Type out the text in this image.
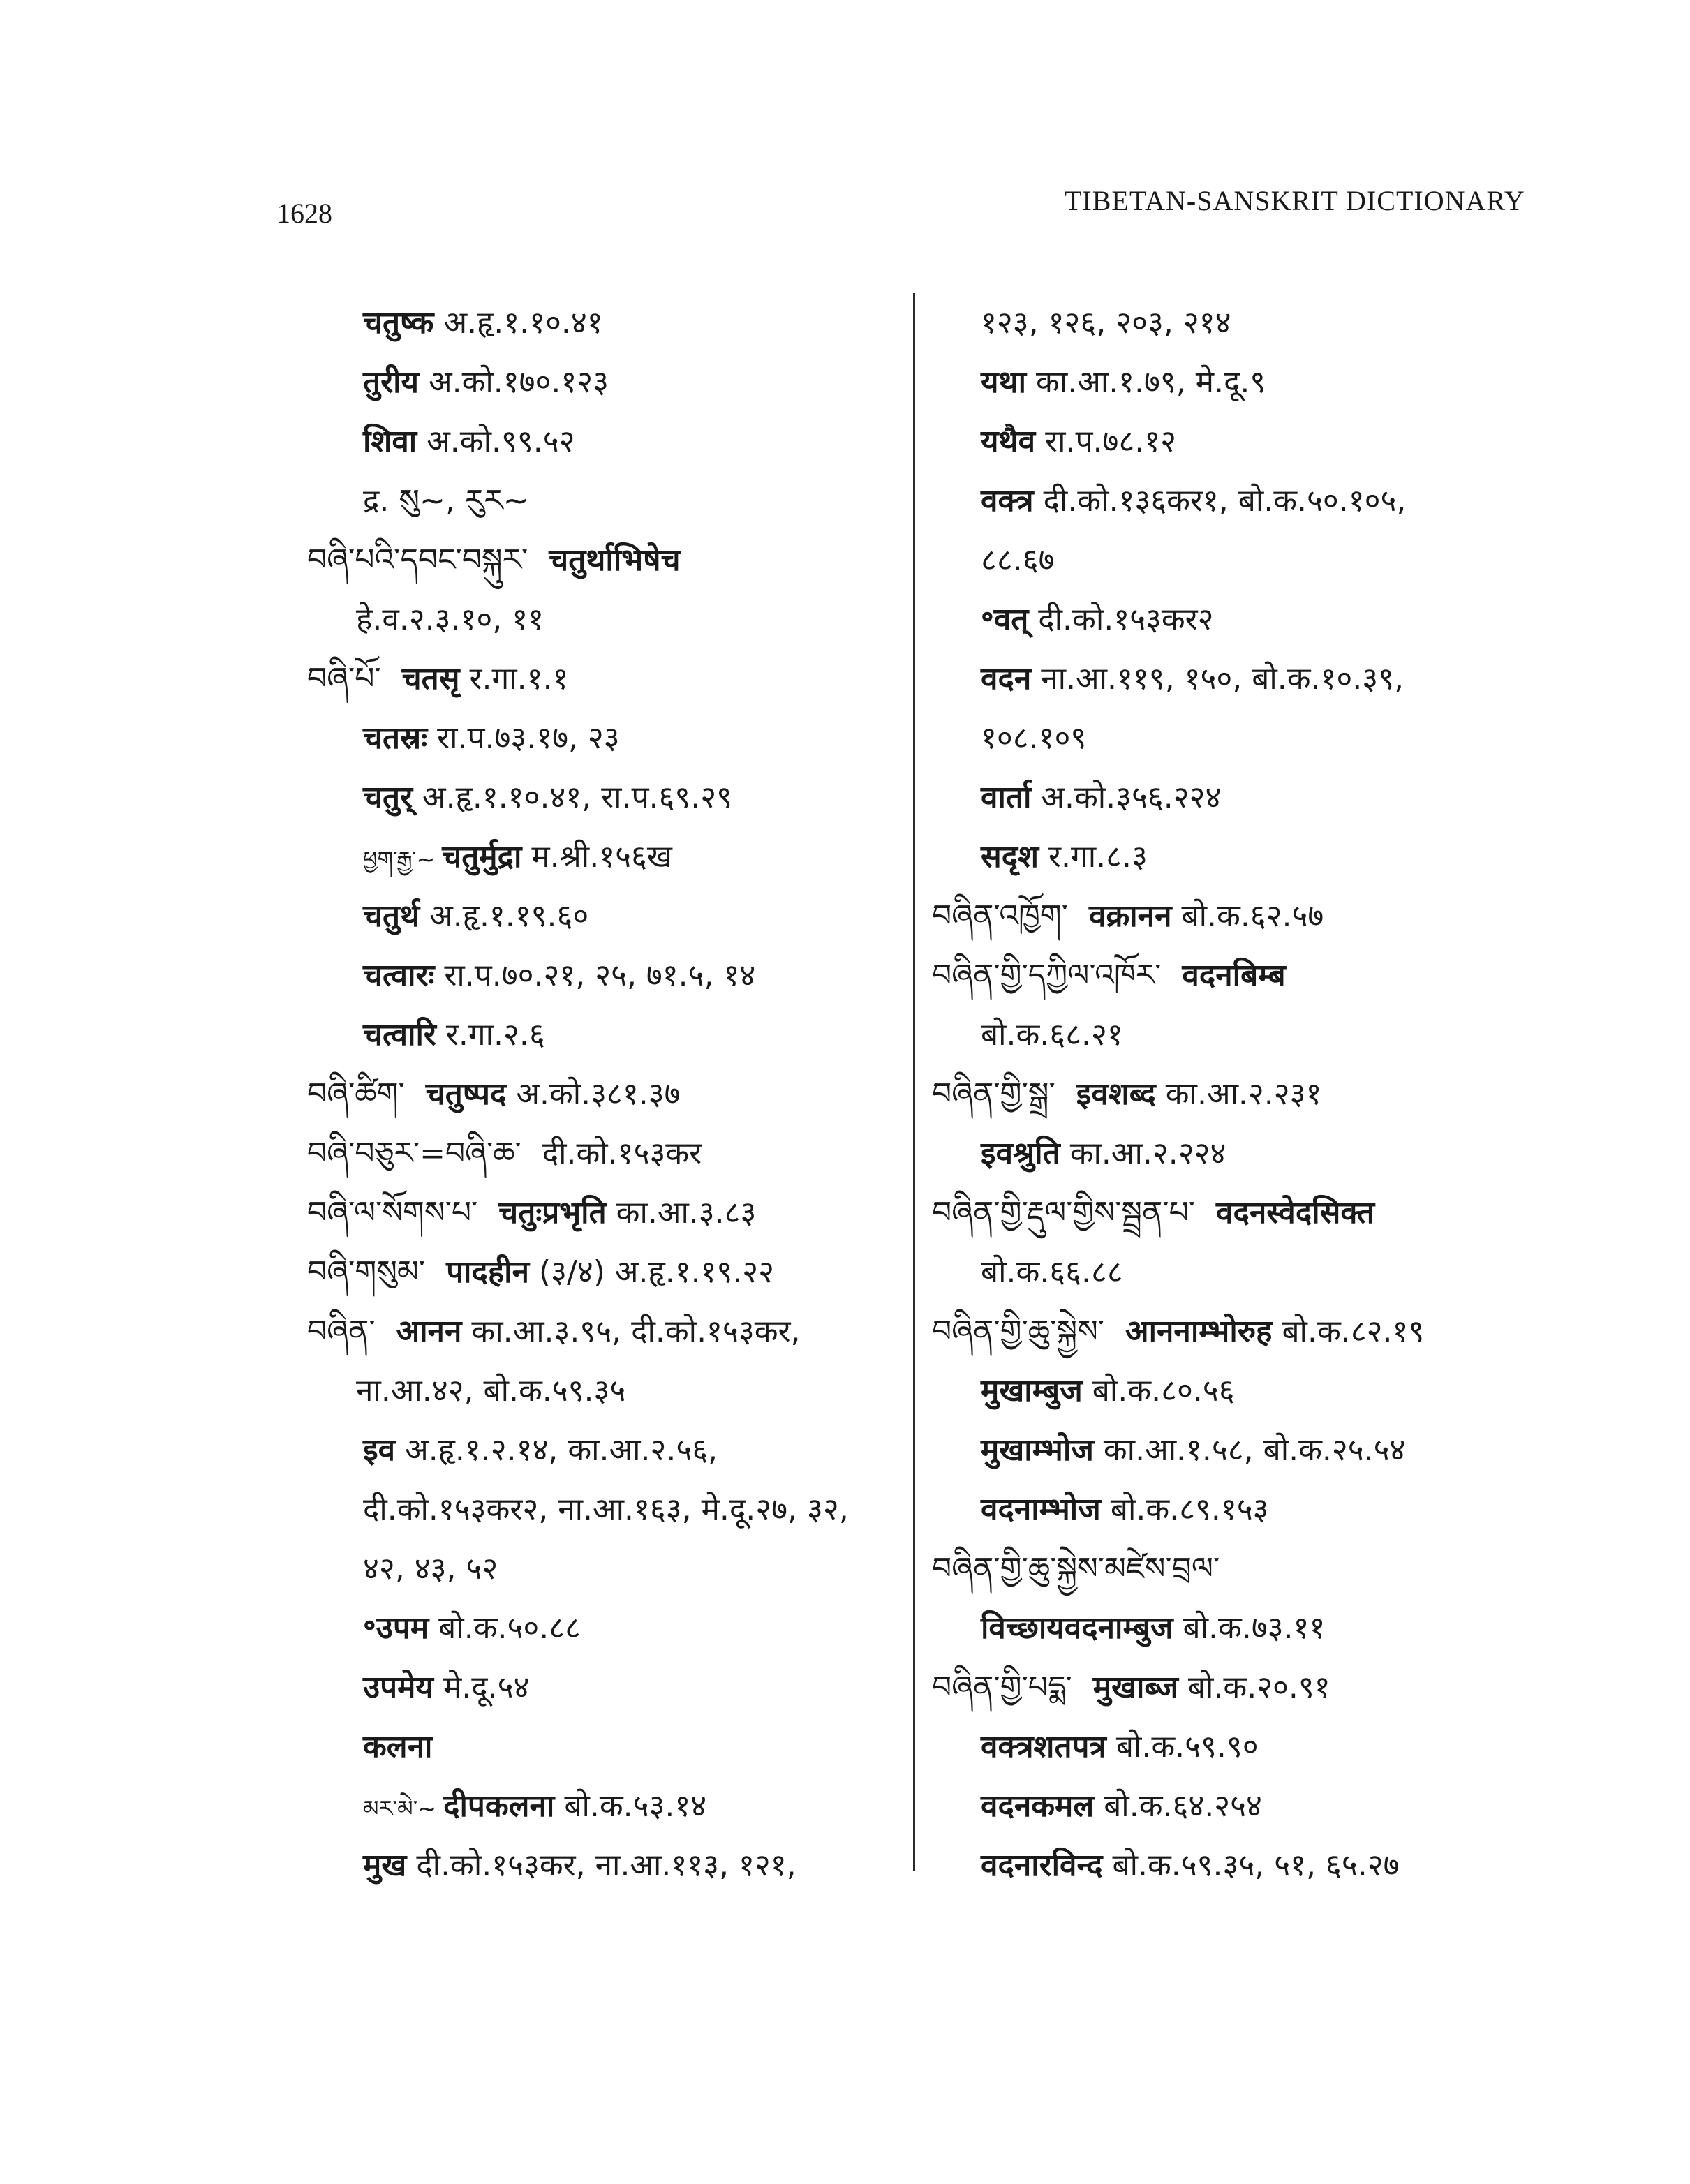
1628	TIBETAN-SANSKRIT DICTIONARY
चतुष्क अ.हृ.१.१०.४१
तुरीय अ.को.१७०.१२३
शिवा अ.को.९९.५२
द्र. སུ~, རུར~
བཞི་པའི་དབང་བསྐུར་ चतुर्थाभिषेच
हे.व.२.३.१०, ११
བཞི་པོ་ चतसृ र.गा.१.१
चतस्रः रा.प.७३.१७, २३
चतुर् अ.हृ.१.१०.४१, रा.प.६९.२९
ཕྱག་རྒྱ་~ चतुर्मुद्रा म.श्री.१५६ख
चतुर्थ अ.हृ.१.१९.६०
चत्वारः रा.प.७०.२१, २५, ७१.५, १४
चत्वारि र.गा.२.६
བཞི་ཚིག་ चतुष्पद अ.को.३८१.३७
བཞི་བཅུར་=བཞི་ཆ་ दी.को.१५३कर
བཞི་ལ་སོགས་པ་ चतुःप्रभृति का.आ.३.८३
བཞི་གསུམ་ पादहीन (३/४) अ.हृ.१.१९.२२
བཞིན་ आनन का.आ.३.९५, दी.को.१५३कर,
ना.आ.४२, बो.क.५९.३५
इव अ.हृ.१.२.१४, का.आ.२.५६,
दी.को.१५३कर२, ना.आ.१६३, मे.दू.२७, ३२,
४२, ४३, ५२
॰उपम बो.क.५०.८८
उपमेय मे.दू.५४
कलना
མར་མེ་~ दीपकलना बो.क.५३.१४
मुख दी.को.१५३कर, ना.आ.११३, १२१,
१२३, १२६, २०३, २१४
यथा का.आ.१.७९, मे.दू.९
यथैव रा.प.७८.१२
वक्त्र दी.को.१३६कर१, बो.क.५०.१०५,
८८.६७
॰वत् दी.को.१५३कर२
वदन ना.आ.११९, १५०, बो.क.१०.३९,
१०८.१०९
वार्ता अ.को.३५६.२२४
सदृश र.गा.८.३
བཞིན་འཁྱོག་ वक्रानन बो.क.६२.५७
བཞིན་གྱི་དཀྱིལ་འཁོར་ वदनबिम्ब
बो.क.६८.२१
བཞིན་གྱི་སྒྲ་ इवशब्द का.आ.२.२३१
इवश्रुति का.आ.२.२२४
བཞིན་གྱི་རྡུལ་གྱིས་སྦྲན་པ་ वदनस्वेदसिक्त
बो.क.६६.८८
བཞིན་གྱི་ཆུ་སྐྱེས་ आननाम्भोरुह बो.क.८२.१९
मुखाम्बुज बो.क.८०.५६
मुखाम्भोज का.आ.१.५८, बो.क.२५.५४
वदनाम्भोज बो.क.८९.१५३
བཞིན་གྱི་ཆུ་སྐྱེས་མཛེས་བྲལ་
विच्छायवदनाम्बुज बो.क.७३.११
བཞིན་གྱི་པདྨ་ मुखाब्ज बो.क.२०.९१
वक्त्रशतपत्र बो.क.५९.९०
वदनकमल बो.क.६४.२५४
वदनारविन्द बो.क.५९.३५, ५१, ६५.२७
